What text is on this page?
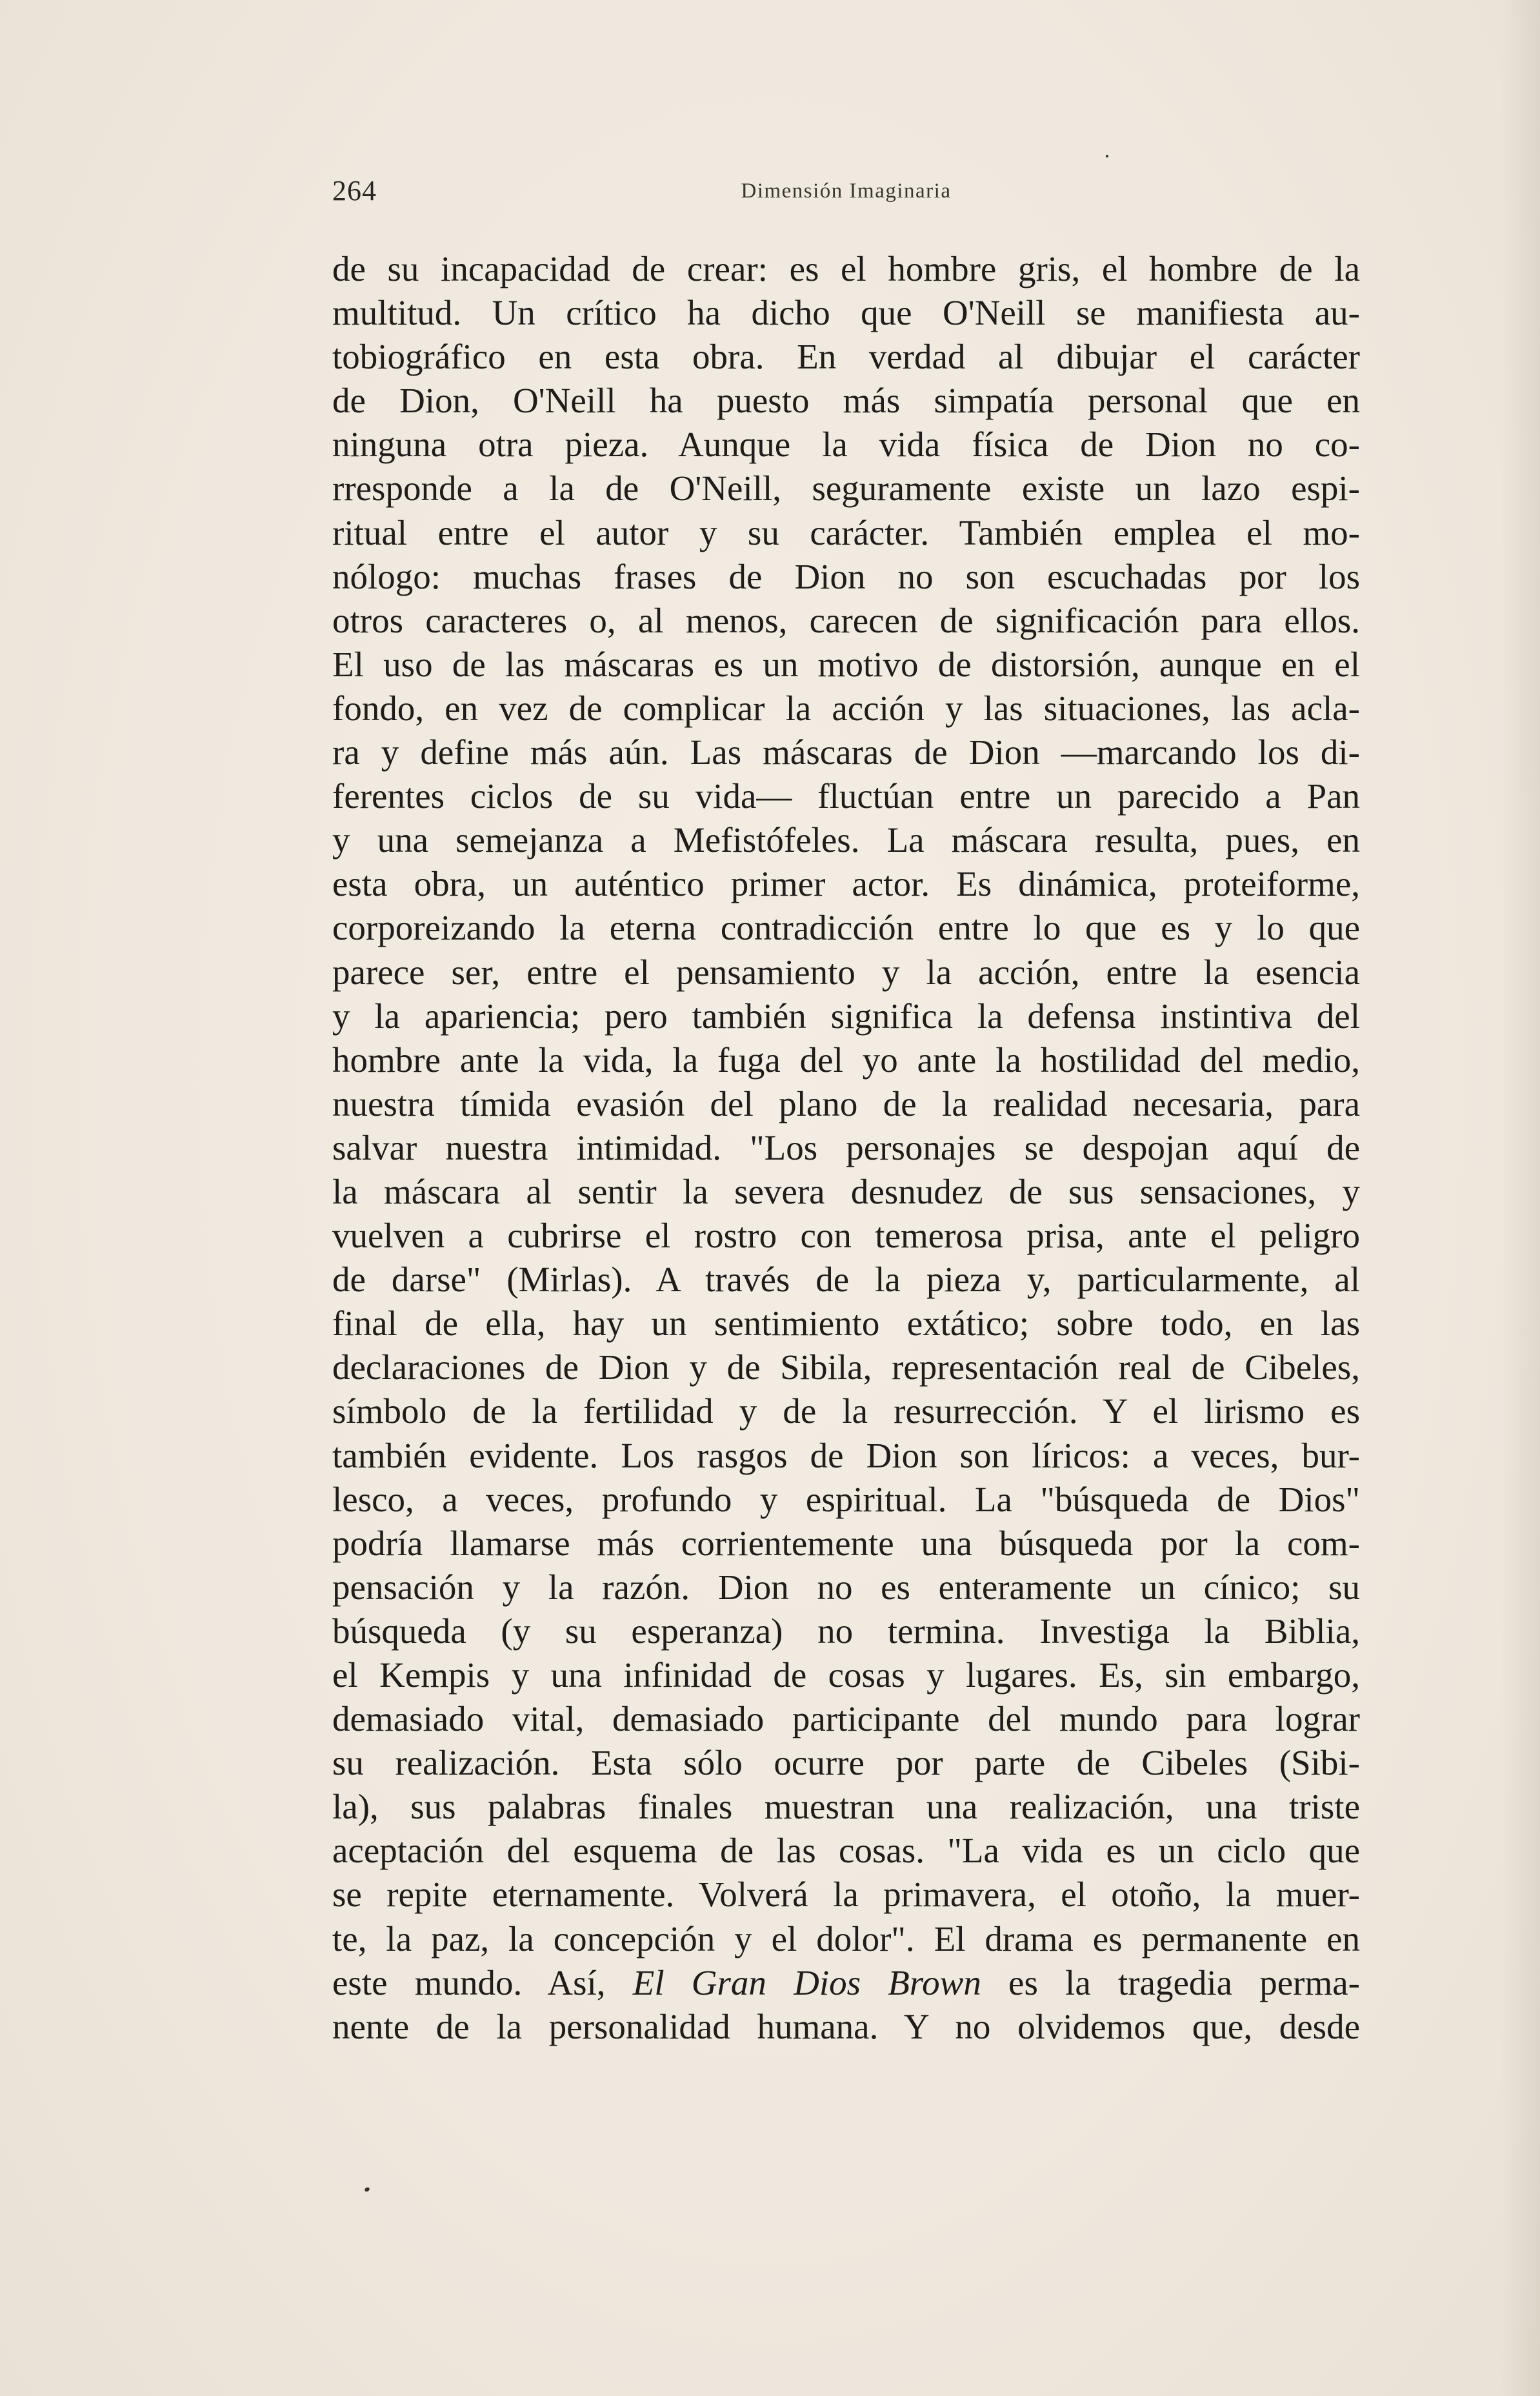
264	Dimensión Imaginaria
de su incapacidad de crear: es el hombre gris, el hombre de la
multitud. Un crítico ha dicho que O'Neill se manifiesta au-
tobiográfico en esta obra. En verdad al dibujar el carácter
de Dion, O'Neill ha puesto más simpatía personal que en
ninguna otra pieza. Aunque la vida física de Dion no co-
rresponde a la de O'Neill, seguramente existe un lazo espi-
ritual entre el autor y su carácter. También emplea el mo-
nólogo: muchas frases de Dion no son escuchadas por los
otros caracteres o, al menos, carecen de significación para ellos.
El uso de las máscaras es un motivo de distorsión, aunque en el
fondo, en vez de complicar la acción y las situaciones, las acla-
ra y define más aún. Las máscaras de Dion —marcando los di-
ferentes ciclos de su vida— fluctúan entre un parecido a Pan
y una semejanza a Mefistófeles. La máscara resulta, pues, en
esta obra, un auténtico primer actor. Es dinámica, proteiforme,
corporeizando la eterna contradicción entre lo que es y lo que
parece ser, entre el pensamiento y la acción, entre la esencia
y la apariencia; pero también significa la defensa instintiva del
hombre ante la vida, la fuga del yo ante la hostilidad del medio,
nuestra tímida evasión del plano de la realidad necesaria, para
salvar nuestra intimidad. "Los personajes se despojan aquí de
la máscara al sentir la severa desnudez de sus sensaciones, y
vuelven a cubrirse el rostro con temerosa prisa, ante el peligro
de darse" (Mirlas). A través de la pieza y, particularmente, al
final de ella, hay un sentimiento extático; sobre todo, en las
declaraciones de Dion y de Sibila, representación real de Cibeles,
símbolo de la fertilidad y de la resurrección. Y el lirismo es
también evidente. Los rasgos de Dion son líricos: a veces, bur-
lesco, a veces, profundo y espiritual. La "búsqueda de Dios"
podría llamarse más corrientemente una búsqueda por la com-
pensación y la razón. Dion no es enteramente un cínico; su
búsqueda (y su esperanza) no termina. Investiga la Biblia,
el Kempis y una infinidad de cosas y lugares. Es, sin embargo,
demasiado vital, demasiado participante del mundo para lograr
su realización. Esta sólo ocurre por parte de Cibeles (Sibi-
la), sus palabras finales muestran una realización, una triste
aceptación del esquema de las cosas. "La vida es un ciclo que
se repite eternamente. Volverá la primavera, el otoño, la muer-
te, la paz, la concepción y el dolor". El drama es permanente en
este mundo. Así, El Gran Dios Brown es la tragedia perma-
nente de la personalidad humana. Y no olvidemos que, desde
